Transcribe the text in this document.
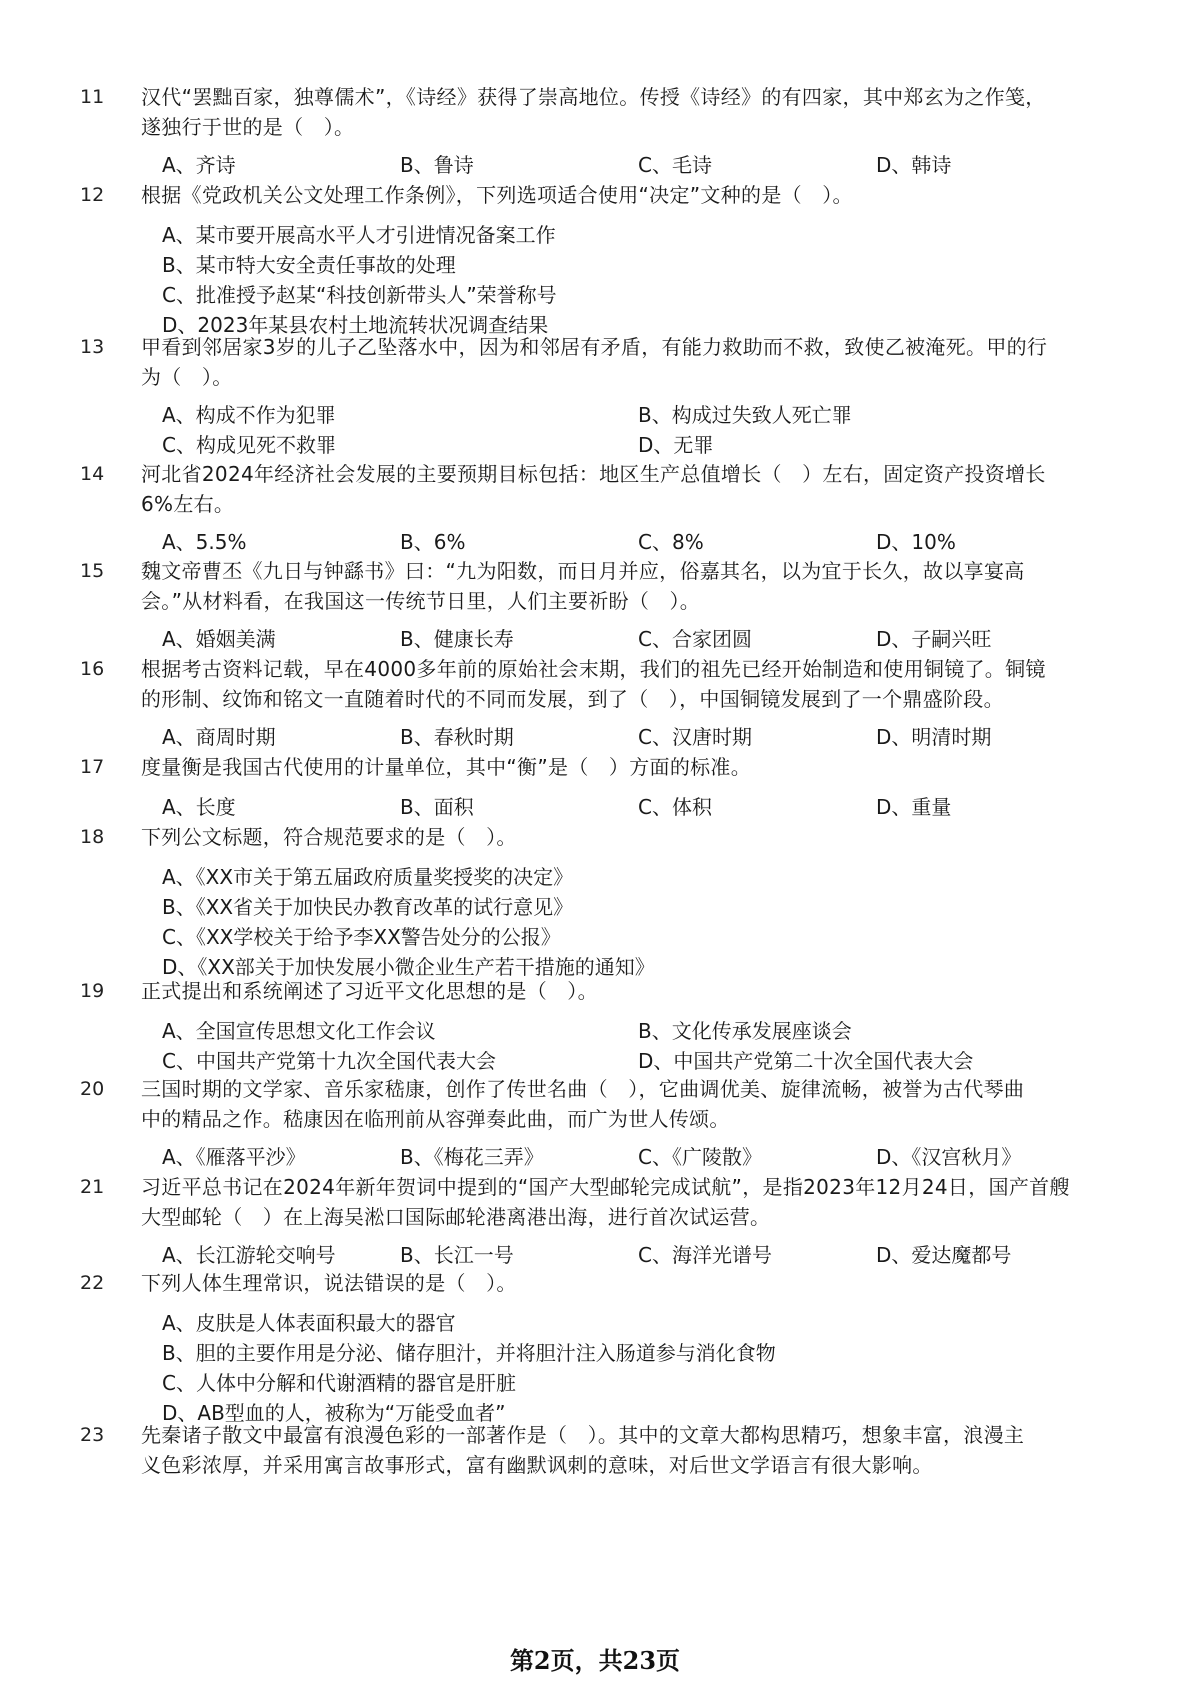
11 汉代“罢黜百家，独尊儒术”，《诗经》获得了崇高地位。传授《诗经》的有四家，其中郑玄为之作笺，
遂独行于世的是（　）。
A、齐诗	B、鲁诗	C、毛诗	D、韩诗
12 根据《党政机关公文处理工作条例》，下列选项适合使用“决定”文种的是（　）。
A、某市要开展高水平人才引进情况备案工作
B、某市特大安全责任事故的处理
C、批准授予赵某“科技创新带头人”荣誉称号
D、2023年某县农村土地流转状况调查结果
13 甲看到邻居家3岁的儿子乙坠落水中，因为和邻居有矛盾，有能力救助而不救，致使乙被淹死。甲的行
为（　）。
A、构成不作为犯罪	B、构成过失致人死亡罪
C、构成见死不救罪	D、无罪
14 河北省2024年经济社会发展的主要预期目标包括：地区生产总值增长（　）左右，固定资产投资增长
6%左右。
A、5.5%	B、6%	C、8%	D、10%
15 魏文帝曹丕《九日与钟繇书》曰：“九为阳数，而日月并应，俗嘉其名，以为宜于长久，故以享宴高
会。”从材料看，在我国这一传统节日里，人们主要祈盼（　）。
A、婚姻美满	B、健康长寿	C、合家团圆	D、子嗣兴旺
16 根据考古资料记载，早在4000多年前的原始社会末期，我们的祖先已经开始制造和使用铜镜了。铜镜
的形制、纹饰和铭文一直随着时代的不同而发展，到了（　），中国铜镜发展到了一个鼎盛阶段。
A、商周时期	B、春秋时期	C、汉唐时期	D、明清时期
17 度量衡是我国古代使用的计量单位，其中“衡”是（　）方面的标准。
A、长度	B、面积	C、体积	D、重量
18 下列公文标题，符合规范要求的是（　）。
A、《XX市关于第五届政府质量奖授奖的决定》
B、《XX省关于加快民办教育改革的试行意见》
C、《XX学校关于给予李XX警告处分的公报》
D、《XX部关于加快发展小微企业生产若干措施的通知》
19 正式提出和系统阐述了习近平文化思想的是（　）。
A、全国宣传思想文化工作会议	B、文化传承发展座谈会
C、中国共产党第十九次全国代表大会	D、中国共产党第二十次全国代表大会
20 三国时期的文学家、音乐家嵇康，创作了传世名曲（　），它曲调优美、旋律流畅，被誉为古代琴曲
中的精品之作。嵇康因在临刑前从容弹奏此曲，而广为世人传颂。
A、《雁落平沙》	B、《梅花三弄》	C、《广陵散》	D、《汉宫秋月》
21 习近平总书记在2024年新年贺词中提到的“国产大型邮轮完成试航”，是指2023年12月24日，国产首艘
大型邮轮（　）在上海吴淞口国际邮轮港离港出海，进行首次试运营。
A、长江游轮交响号	B、长江一号	C、海洋光谱号	D、爱达魔都号
22 下列人体生理常识，说法错误的是（　）。
A、皮肤是人体表面积最大的器官
B、胆的主要作用是分泌、储存胆汁，并将胆汁注入肠道参与消化食物
C、人体中分解和代谢酒精的器官是肝脏
D、AB型血的人，被称为“万能受血者”
23 先秦诸子散文中最富有浪漫色彩的一部著作是（　）。其中的文章大都构思精巧，想象丰富，浪漫主
义色彩浓厚，并采用寓言故事形式，富有幽默讽刺的意味，对后世文学语言有很大影响。
第2页，共23页
